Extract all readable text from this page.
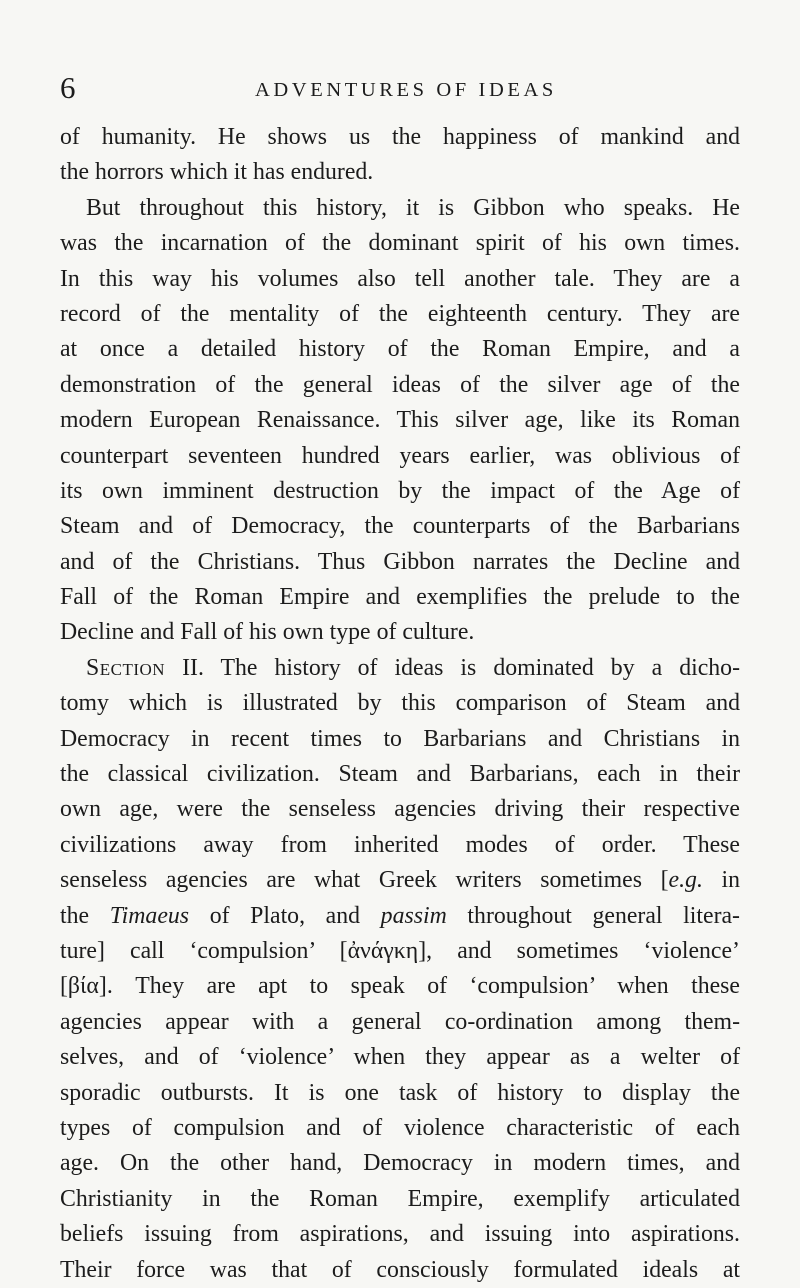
6	ADVENTURES OF IDEAS
of humanity. He shows us the happiness of mankind and
the horrors which it has endured.
But throughout this history, it is Gibbon who speaks. He
was the incarnation of the dominant spirit of his own times.
In this way his volumes also tell another tale. They are a
record of the mentality of the eighteenth century. They are
at once a detailed history of the Roman Empire, and a
demonstration of the general ideas of the silver age of the
modern European Renaissance. This silver age, like its Roman
counterpart seventeen hundred years earlier, was oblivious of
its own imminent destruction by the impact of the Age of
Steam and of Democracy, the counterparts of the Barbarians
and of the Christians. Thus Gibbon narrates the Decline and
Fall of the Roman Empire and exemplifies the prelude to the
Decline and Fall of his own type of culture.
Section II. The history of ideas is dominated by a dicho-
tomy which is illustrated by this comparison of Steam and
Democracy in recent times to Barbarians and Christians in
the classical civilization. Steam and Barbarians, each in their
own age, were the senseless agencies driving their respective
civilizations away from inherited modes of order. These
senseless agencies are what Greek writers sometimes [e.g. in
the Timaeus of Plato, and passim throughout general litera-
ture] call ‘compulsion’ [ἀνάγκη], and sometimes ‘violence’
[βία]. They are apt to speak of ‘compulsion’ when these
agencies appear with a general co-ordination among them-
selves, and of ‘violence’ when they appear as a welter of
sporadic outbursts. It is one task of history to display the
types of compulsion and of violence characteristic of each
age. On the other hand, Democracy in modern times, and
Christianity in the Roman Empire, exemplify articulated
beliefs issuing from aspirations, and issuing into aspirations.
Their force was that of consciously formulated ideals at
